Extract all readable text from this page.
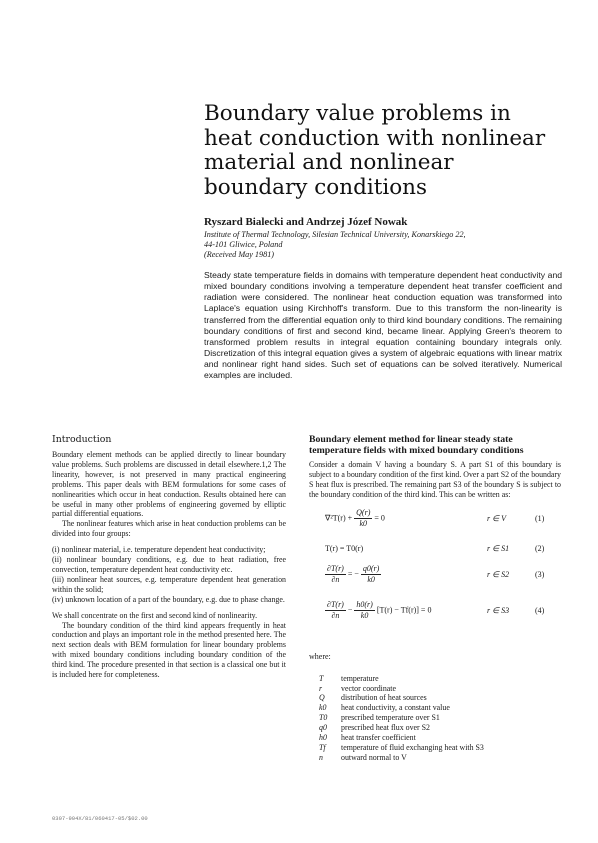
Boundary value problems in
heat conduction with nonlinear
material and nonlinear
boundary conditions
Ryszard Bialecki and Andrzej Józef Nowak
Institute of Thermal Technology, Silesian Technical University, Konarskiego 22,
44-101 Gliwice, Poland
(Received May 1981)
Steady state temperature fields in domains with temperature dependent heat conductivity and mixed boundary conditions involving a temperature dependent heat transfer coefficient and radiation were considered. The nonlinear heat conduction equation was transformed into Laplace's equation using Kirchhoff's transform. Due to this transform the non-linearity is transferred from the differential equation only to third kind boundary conditions. The remaining boundary conditions of first and second kind, became linear. Applying Green's theorem to transformed problem results in integral equation containing boundary integrals only. Discretization of this integral equation gives a system of algebraic equations with linear matrix and nonlinear right hand sides. Such set of equations can be solved iteratively. Numerical examples are included.
Introduction

Boundary element methods can be applied directly to linear boundary value problems. Such problems are discussed in detail elsewhere.1,2 The linearity, however, is not preserved in many practical engineering problems. This paper deals with BEM formulations for some cases of nonlinearities which occur in heat conduction. Results obtained here can be useful in many other problems of engineering governed by elliptic partial differential equations.

The nonlinear features which arise in heat conduction problems can be divided into four groups:

(i) nonlinear material, i.e. temperature dependent heat conductivity;

(ii) nonlinear boundary conditions, e.g. due to heat radiation, free convection, temperature dependent heat conductivity etc.

(iii) nonlinear heat sources, e.g. temperature dependent heat generation within the solid;

(iv) unknown location of a part of the boundary, e.g. due to phase change.

We shall concentrate on the first and second kind of nonlinearity.

The boundary condition of the third kind appears frequently in heat conduction and plays an important role in the method presented here. The next section deals with BEM formulation for linear boundary problems with mixed boundary conditions including boundary condition of the third kind. The procedure presented in that section is a classical one but it is included here for completeness.

Boundary element method for linear steady state temperature fields with mixed boundary conditions

Consider a domain V having a boundary S. A part S1 of this boundary is subject to a boundary condition of the first kind. Over a part S2 of the boundary S heat flux is prescribed. The remaining part S3 of the boundary S is subject to the boundary condition of the third kind. This can be written as:

$\nabla^2T(r) + \frac{Q(r)}{k0} = 0$	r ∈ V	(1)
T(r) = T0(r)	r ∈ S1	(2)
$\frac{\partial T(r)}{\partial n}$ = − $\frac{q0(r)}{k0}$	r ∈ S2	(3)
$\frac{\partial T(r)}{\partial n} - \frac{h0(r)}{k0} [T(r) - Tf(r)] = 0$	r ∈ S3	(4)
where:
T	temperature
r	vector coordinate
Q	distribution of heat sources
k0	heat conductivity, a constant value
T0	prescribed temperature over S1
q0	prescribed heat flux over S2
h0	heat transfer coefficient
Tf	temperature of fluid exchanging heat with S3
n	outward normal to V
0307-904X/81/060417-05/$02.00
